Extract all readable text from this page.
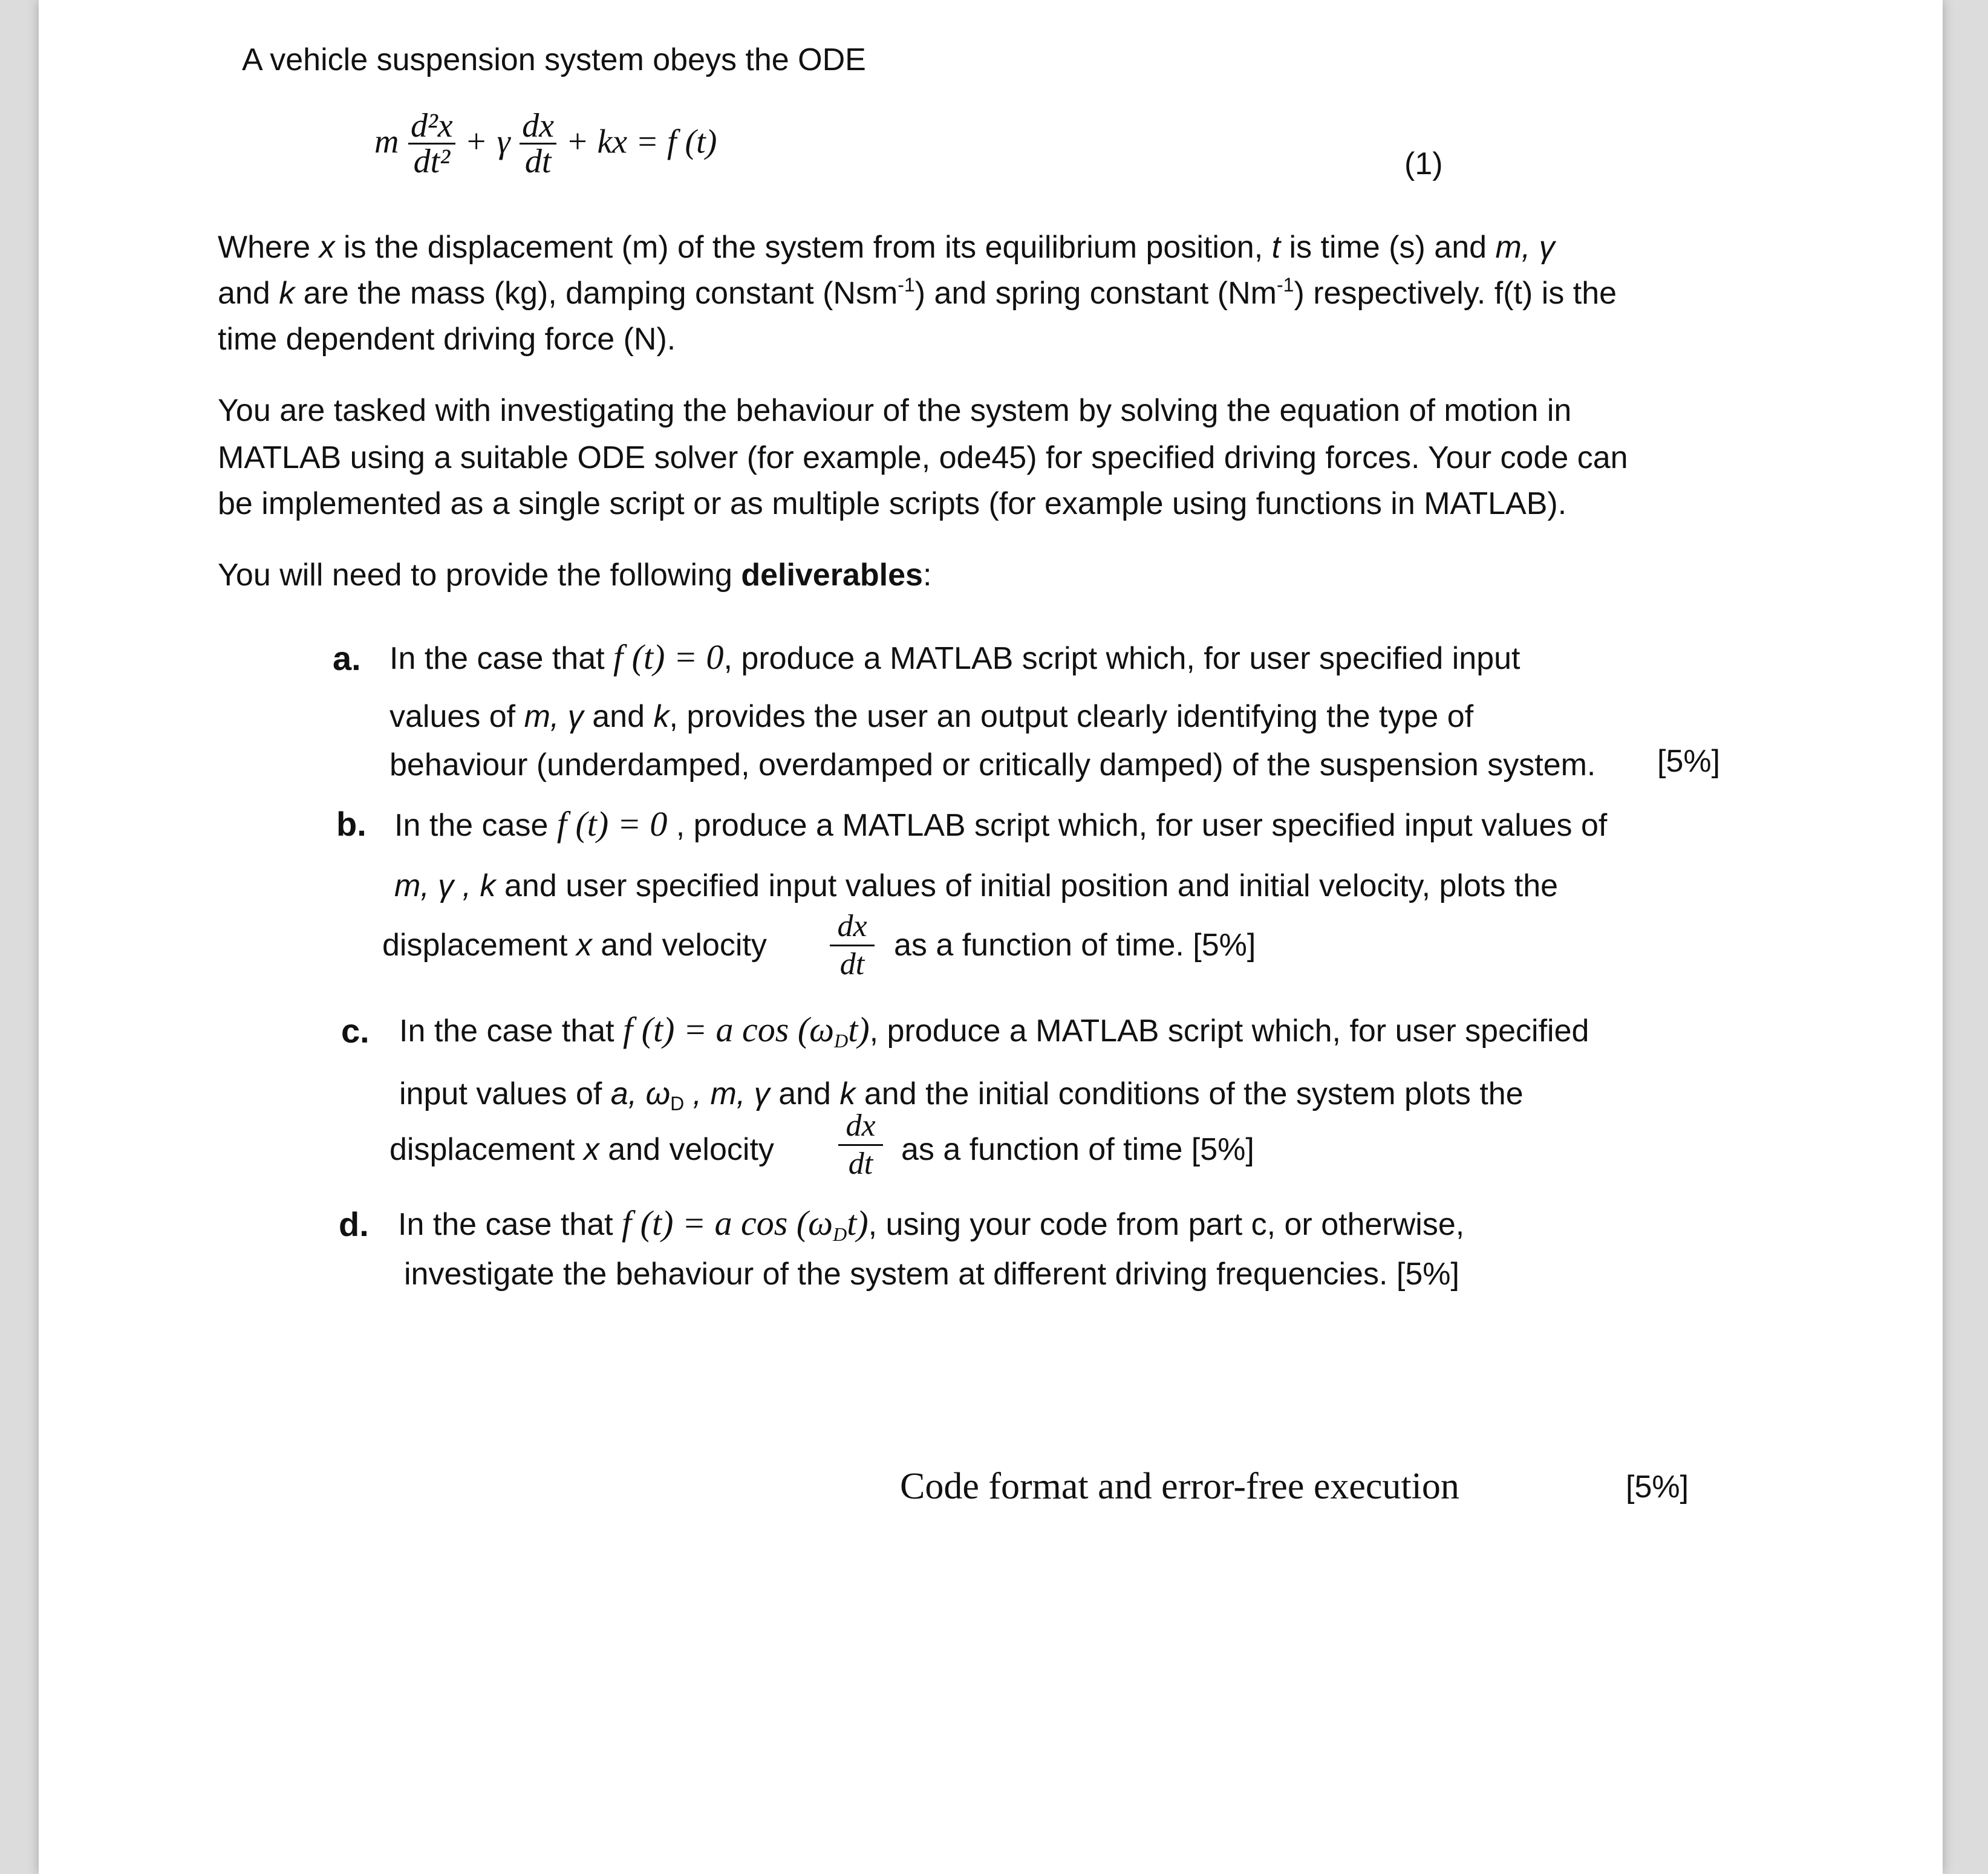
A vehicle suspension system obeys the ODE
m $\frac{\text{d²x}}{\text{dt²}} + \gamma \frac{dx}{dt}$ + kx = f (t)
(1)
Where x is the displacement (m) of the system from its equilibrium position, t is time (s) and m, γ
and k are the mass (kg), damping constant (Nsm$^{-1}$) and spring constant $(Nm^{-1})$ respectively. f(t) is the
time dependent driving force (N).
You are tasked with investigating the behaviour of the system by solving the equation of motion in
MATLAB using a suitable ODE solver (for example, ode45) for specified driving forces. Your code can
be implemented as a single script or as multiple scripts (for example using functions in MATLAB).
You will need to provide the following deliverables:
a. In the case that f (t) = 0, produce a MATLAB script which, for user specified input
values of m, γ and k, provides the user an output clearly identifying the type of
behaviour (underdamped, overdamped or critically damped) of the suspension system. [5%]
b. In the case f (t) = 0 , produce a MATLAB script which, for user specified input values of
m, γ , k and user specified input values of initial position and initial velocity, plots the
displacement x and velocity $\frac{dx}{dt}$ as a function of time. [5%]
c. In the case that f (t) = a $\cos (\omega_Dt)$, produce a MATLAB script which, for user specified
input values of a, $\omega_D$ , m, γ and k and the initial conditions of the system plots the
displacement x and velocity $\frac{dx}{dt}$ as a function of time [5%]
d. In the case that f (t) = a $\cos (\omega_Dt)$, using your code from part c, or otherwise,
investigate the behaviour of the system at different driving frequencies. [5%]
Code format and error-free execution	[5%]
